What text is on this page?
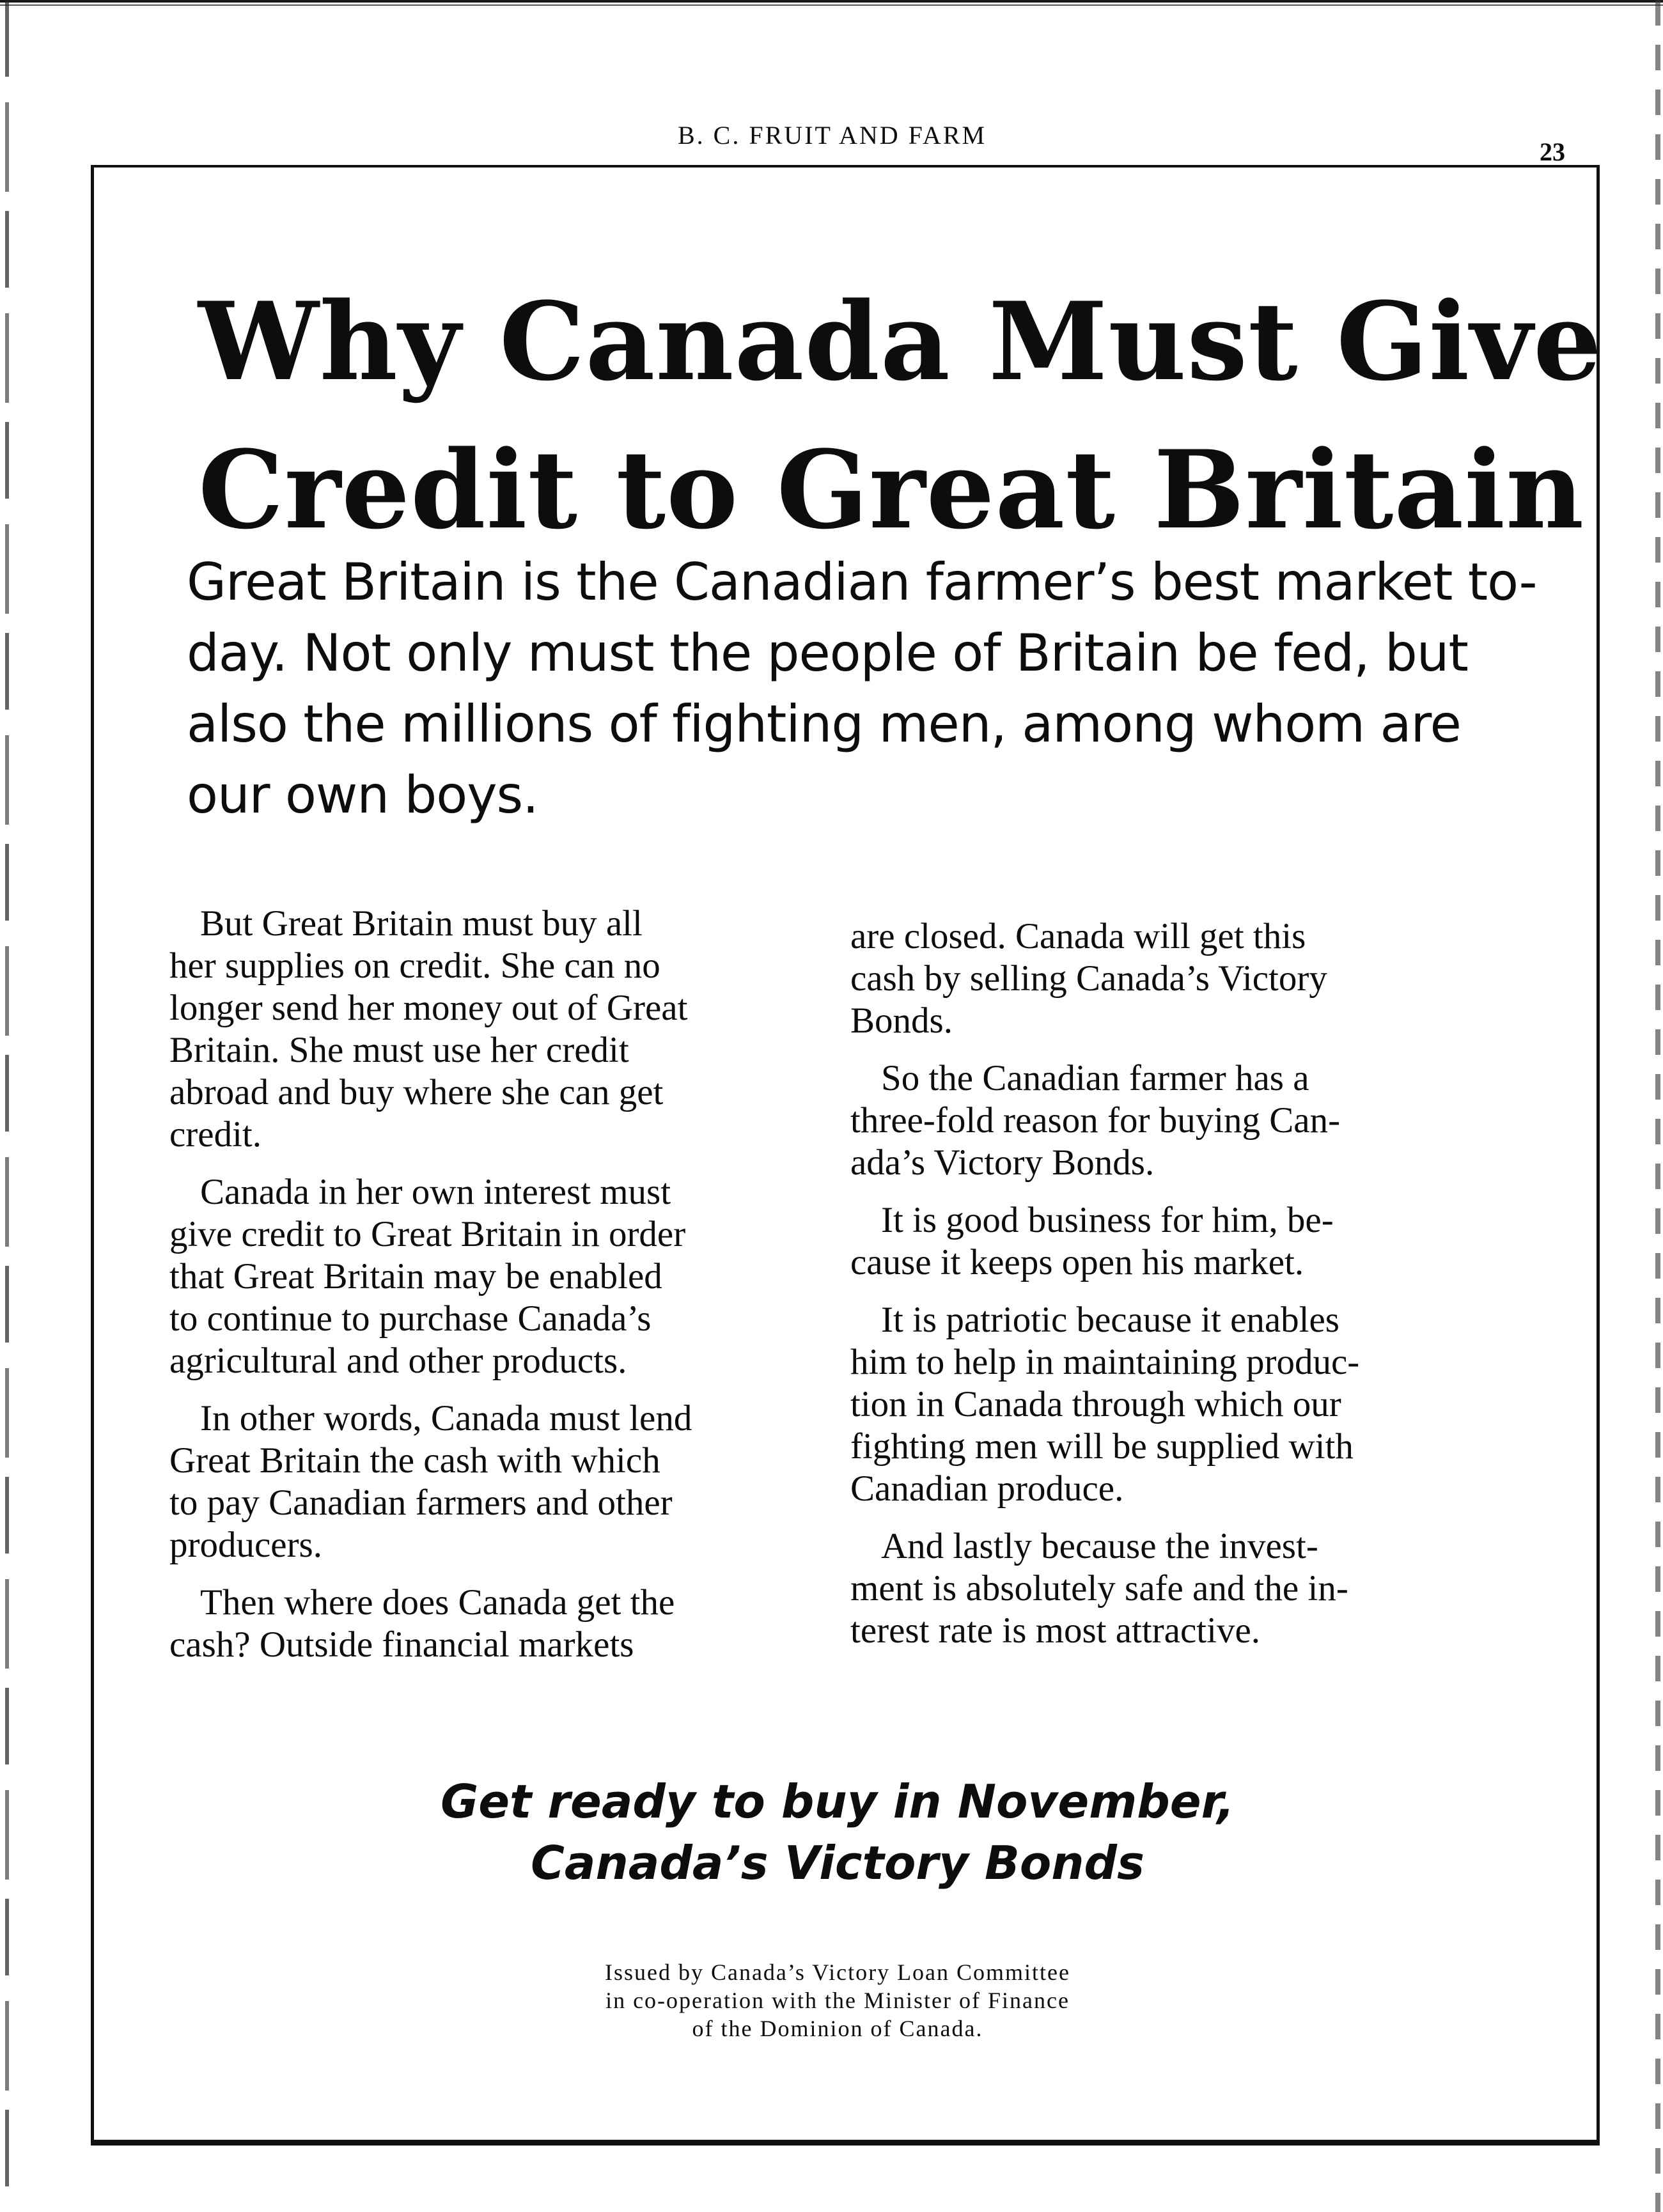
B. C. FRUIT AND FARM
23
Why Canada Must Give
Credit to Great Britain
Great Britain is the Canadian farmer’s best market to-
day. Not only must the people of Britain be fed, but
also the millions of fighting men, among whom are
our own boys.

But Great Britain must buy all
her supplies on credit. She can no
longer send her money out of Great
Britain. She must use her credit
abroad and buy where she can get
credit.

Canada in her own interest must
give credit to Great Britain in order
that Great Britain may be enabled
to continue to purchase Canada’s
agricultural and other products.

In other words, Canada must lend
Great Britain the cash with which
to pay Canadian farmers and other
producers.

Then where does Canada get the
cash? Outside financial markets

are closed. Canada will get this
cash by selling Canada’s Victory
Bonds.

So the Canadian farmer has a
three-fold reason for buying Can-
ada’s Victory Bonds.

It is good business for him, be-
cause it keeps open his market.

It is patriotic because it enables
him to help in maintaining produc-
tion in Canada through which our
fighting men will be supplied with
Canadian produce.

And lastly because the invest-
ment is absolutely safe and the in-
terest rate is most attractive.

Get ready to buy in November,
Canada’s Victory Bonds
Issued by Canada’s Victory Loan Committee
in co-operation with the Minister of Finance
of the Dominion of Canada.
